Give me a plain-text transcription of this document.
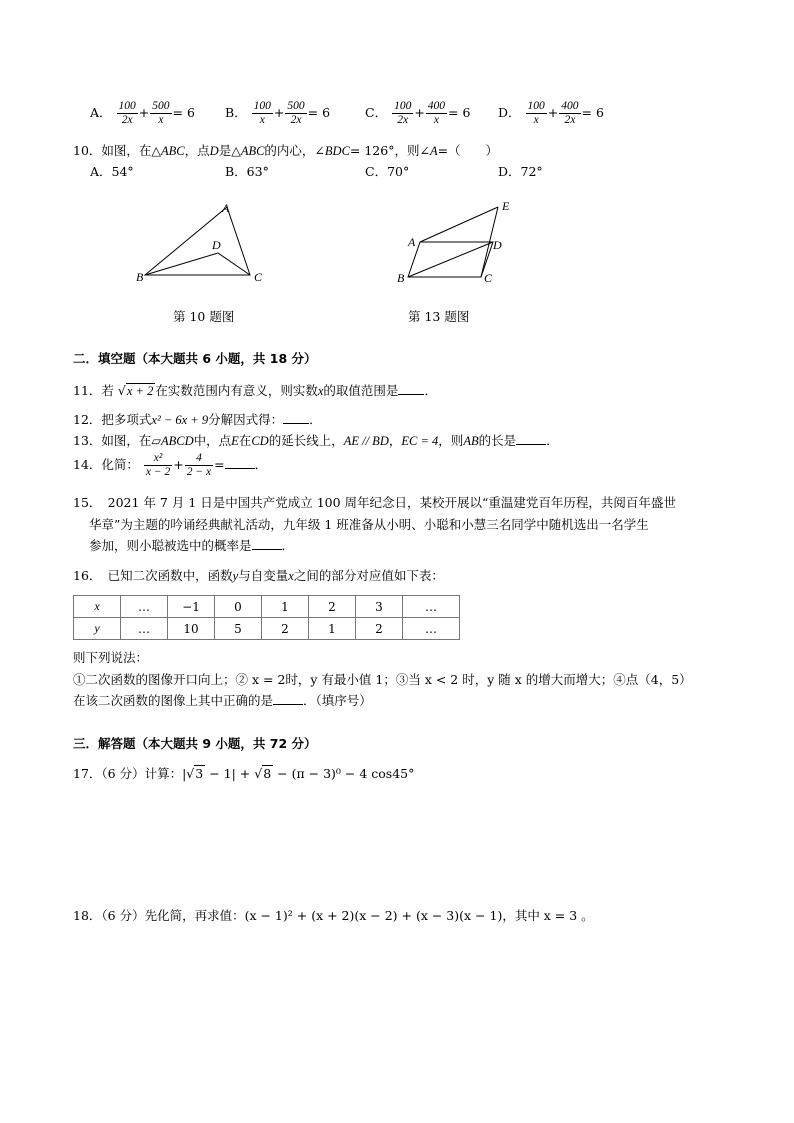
A． $\frac{100}{2x} + \frac{500}{x} = 6$ B． $\frac{100}{x} + \frac{500}{2x} = 6$	C． $\frac{100}{2x} + \frac{400}{x} = 6$ D． $\frac{100}{x} + \frac{400}{2x} = 6$
10．如图，在△ABC，点D是△ABC的内心，∠BDC= 126°，则∠A=（　　）
A．54°	B．63°	C．70°	D．72°
A
B	C
D
第 10 题图
A
B	C
D
E
第 13 题图
二．填空题（本大题共 6 小题，共 18 分）
11．若 √x + 2 在实数范围内有意义，则实数x的取值范围是 ．
12．把多项式x² − 6x + 9分解因式得： ．
13．如图，在▱ABCD中，点E在CD的延长线上，AE // BD，EC = 4，则AB的长是 ．
14．化简： $\frac{\text{x²}}{x - 2} + \frac{4}{2 - x}$ = ．
15．　2021 年 7 月 1 日是中国共产党成立 100 周年纪念日，某校开展以“重温建党百年历程，共阅百年盛世
华章”为主题的吟诵经典献礼活动，九年级 1 班准备从小明、小聪和小慧三名同学中随机选出一名学生
参加，则小聪被选中的概率是 ．
16．　已知二次函数中，函数y与自变量x之间的部分对应值如下表：
x	…	−1	0	1	2	3	…
y	…	10	5	2	1	2	…
则下列说法：
①二次函数的图像开口向上；② x = 2时，y 有最小值 1；③当 x < 2 时，y 随 x 的增大而增大；④点（4，5）
在该二次函数的图像上其中正确的是 ．（填序号）
三．解答题（本大题共 9 小题，共 72 分）
17．（6 分）计算：|√3 − 1| + √8 − (π − 3)⁰ − 4 cos45°
18．（6 分）先化简，再求值：(x − 1)² + (x + 2)(x − 2) + (x − 3)(x − 1)，其中 x = 3 。
